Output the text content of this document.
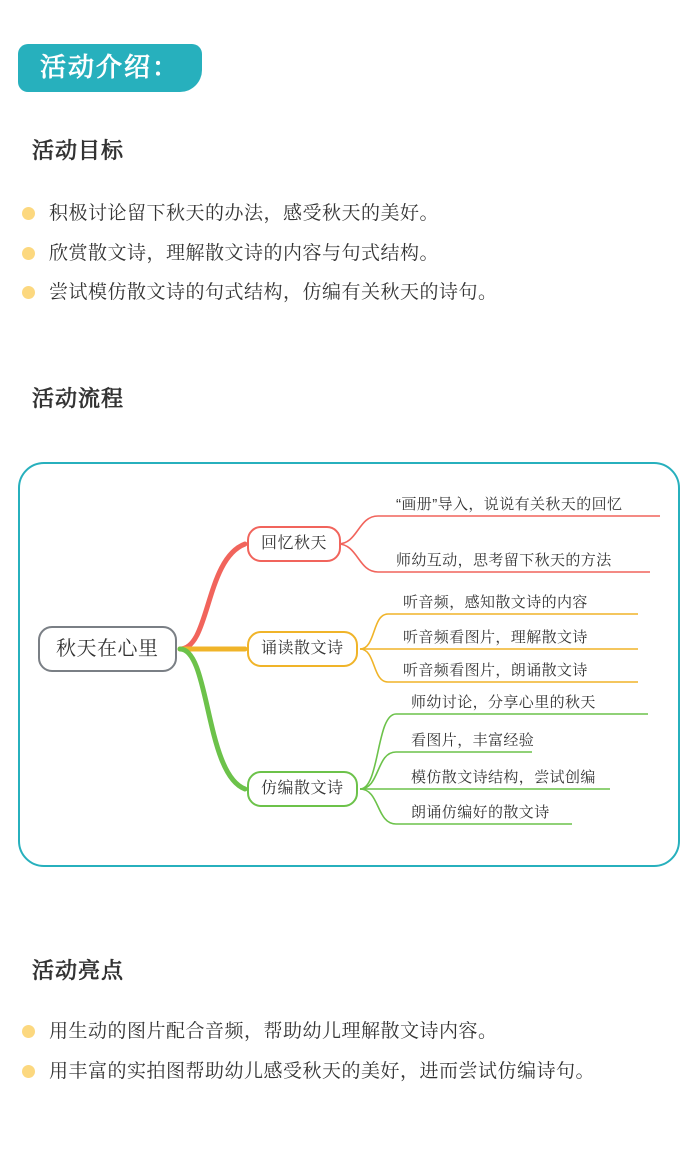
活动介绍：
活动目标
积极讨论留下秋天的办法，感受秋天的美好。
欣赏散文诗，理解散文诗的内容与句式结构。
尝试模仿散文诗的句式结构，仿编有关秋天的诗句。
活动流程
秋天在心里
回忆秋天
诵读散文诗
仿编散文诗
“画册”导入，说说有关秋天的回忆
师幼互动，思考留下秋天的方法
听音频，感知散文诗的内容
听音频看图片，理解散文诗
听音频看图片，朗诵散文诗
师幼讨论，分享心里的秋天
看图片，丰富经验
模仿散文诗结构，尝试创编
朗诵仿编好的散文诗
活动亮点
用生动的图片配合音频，帮助幼儿理解散文诗内容。
用丰富的实拍图帮助幼儿感受秋天的美好，进而尝试仿编诗句。
